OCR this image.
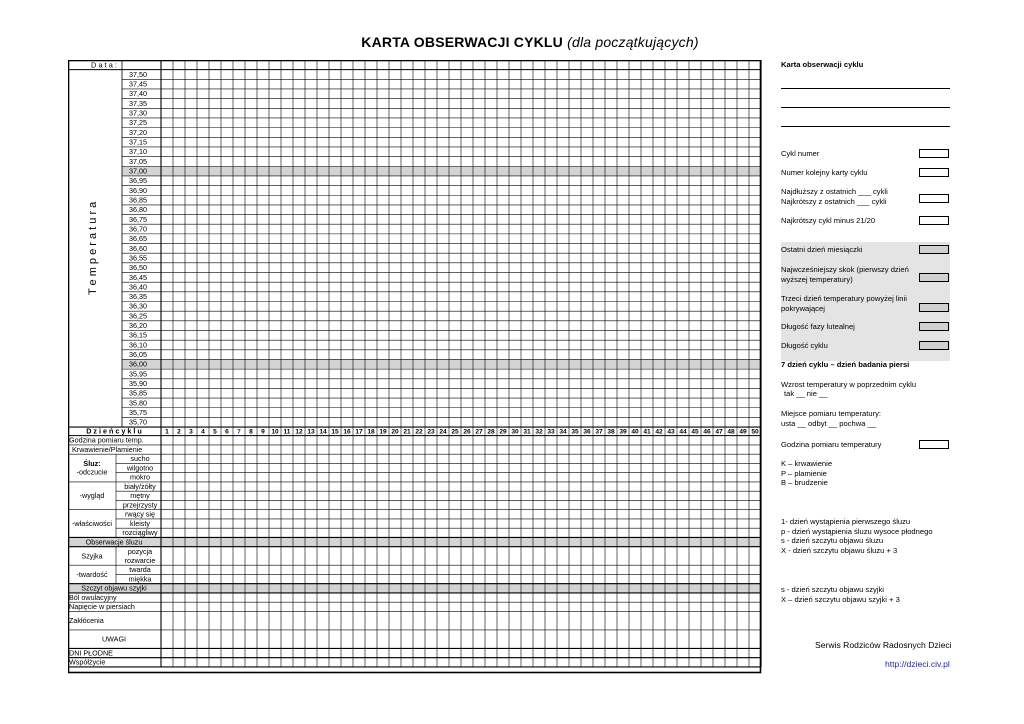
KARTA OBSERWACJI CYKLU (dla początkujących)
D a t a :
37,50
37,45
37,40
37,35
37,30
37,25
37,20
37,15
37,10
37,05
37,00
36,95
36,90
36,85
36,80
36,75
36,70
36,65
36,60
36,55
36,50
36,45
36,40
36,35
36,30
36,25
36,20
36,15
36,10
36,05
36,00
35,95
35,90
35,85
35,80
35,75
35,70
T e m p e r a t u r a
D z i e ń c y k l u	1 2 3 4 5 6 7 8 9 10 11 12 13 14 15 16 17 18 19 20 21 22 23 24 25 26 27 28 29 30 31 32 33 34 35 36 37 38 39 40 41 42 43 44 45 46 47 48 49 50
Godzina pomiaru temp.
Krwawienie/Plamienie
Obserwacje śluzu
Szczyt objawu szyjki
Ból owulacyjny
Napięcie w piersiach
Zakłócenia
UWAGI
DNI PŁODNE
Współżycie
sucho
wilgotno
mokro
biały/żółty
mętny
przejrzysty
rwący się
kleisty
rozciągliwy
pozycja
rozwarcie
twarda
miękka
Śluz:
-odczucie
-wygląd
-właściwości
Szyjka
-twardość
Karta obserwacji cyklu
Cykl numer
Numer kolejny karty cyklu
Najdłuższy z ostatnich ___ cykli
Najkrótszy z ostatnich ___ cykli
Najkrótszy cykl minus 21/20
Ostatni dzień miesiączki
Najwcześniejszy skok (pierwszy dzień wyższej temperatury)
Trzeci dzień temperatury powyżej linii pokrywającej
Długość fazy lutealnej
Długość cyklu
7 dzień cyklu – dzień badania piersi
Wzrost temperatury w poprzednim cyklu
tak __ nie __
Miejsce pomiaru temperatury:
usta __ odbyt __ pochwa __
Godzina pomiaru temperatury
K – krwawienie
P – plamienie
B – brudzenie
1- dzień wystąpienia pierwszego śluzu
p - dzień wystąpienia śluzu wysoce płodnego
s - dzień szczytu objawu śluzu
X - dzień szczytu objawu śluzu + 3
s - dzień szczytu objawu szyjki
X – dzień szczytu objawu szyjki + 3
Serwis Rodziców Radosnych Dzieci
http://dzieci.civ.pl
